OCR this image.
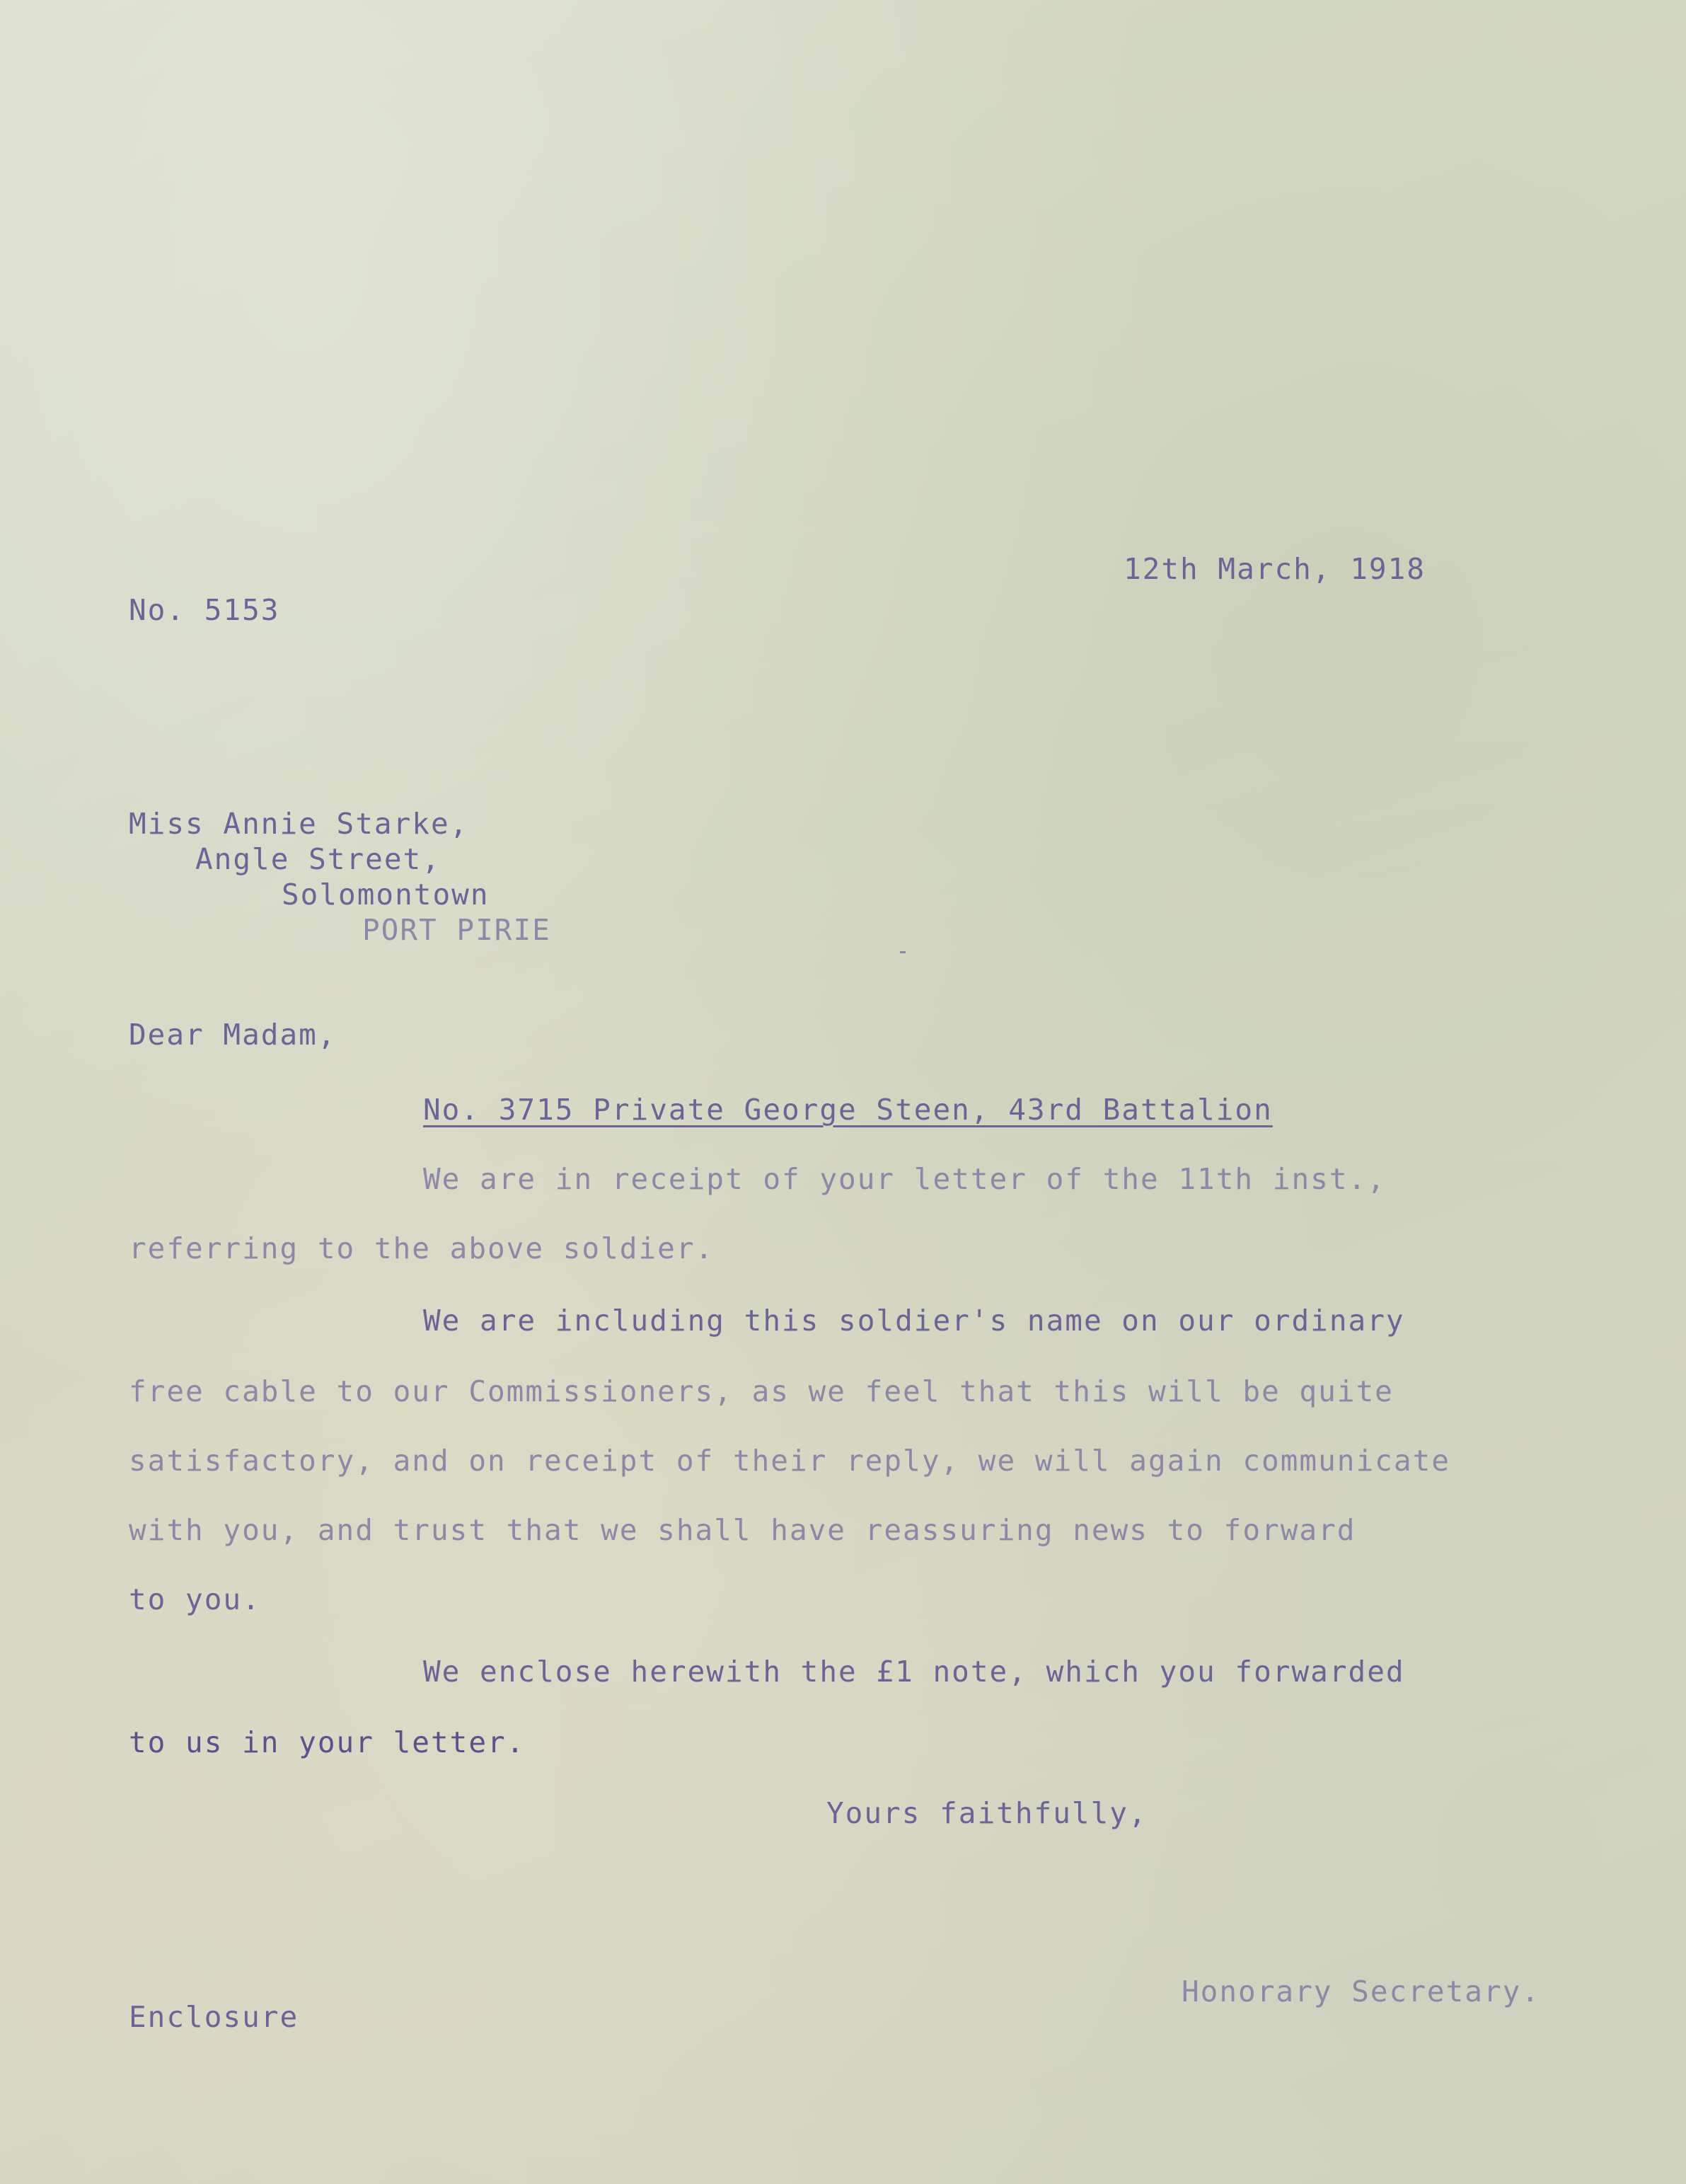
12th March, 1918

No. 5153

Miss Annie Starke,

Angle Street,

Solomontown

PORT PIRIE

Dear Madam,

No. 3715 Private George Steen, 43rd Battalion

We are in receipt of your letter of the 11th inst.,

referring to the above soldier.

We are including this soldier's name on our ordinary

free cable to our Commissioners, as we feel that this will be quite

satisfactory, and on receipt of their reply, we will again communicate

with you, and trust that we shall have reassuring news to forward

to you.

We enclose herewith the £1 note, which you forwarded

to us in your letter.

Yours faithfully,

Honorary Secretary.

Enclosure
